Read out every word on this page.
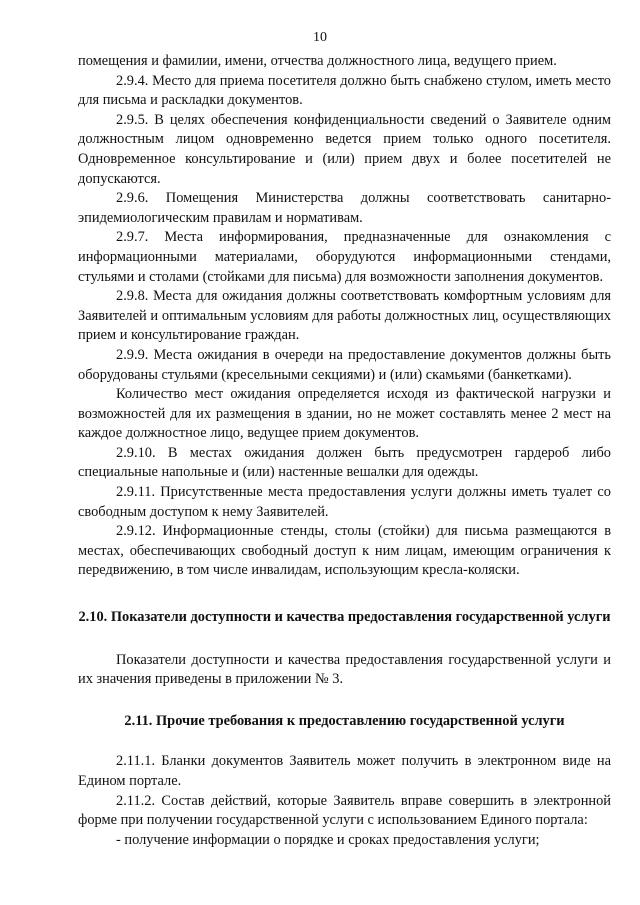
10

помещения и фамилии, имени, отчества должностного лица, ведущего прием.

2.9.4. Место для приема посетителя должно быть снабжено стулом, иметь место для письма и раскладки документов.

2.9.5. В целях обеспечения конфиденциальности сведений о Заявителе одним должностным лицом одновременно ведется прием только одного посетителя. Одновременное консультирование и (или) прием двух и более посетителей не допускаются.

2.9.6. Помещения Министерства должны соответствовать санитарно-эпидемиологическим правилам и нормативам.

2.9.7. Места информирования, предназначенные для ознакомления с информационными материалами, оборудуются информационными стендами, стульями и столами (стойками для письма) для возможности заполнения документов.

2.9.8. Места для ожидания должны соответствовать комфортным условиям для Заявителей и оптимальным условиям для работы должностных лиц, осуществляющих прием и консультирование граждан.

2.9.9. Места ожидания в очереди на предоставление документов должны быть оборудованы стульями (кресельными секциями) и (или) скамьями (банкетками).

Количество мест ожидания определяется исходя из фактической нагрузки и возможностей для их размещения в здании, но не может составлять менее 2 мест на каждое должностное лицо, ведущее прием документов.

2.9.10. В местах ожидания должен быть предусмотрен гардероб либо специальные напольные и (или) настенные вешалки для одежды.

2.9.11. Присутственные места предоставления услуги должны иметь туалет со свободным доступом к нему Заявителей.

2.9.12. Информационные стенды, столы (стойки) для письма размещаются в местах, обеспечивающих свободный доступ к ним лицам, имеющим ограничения к передвижению, в том числе инвалидам, использующим кресла-коляски.

2.10. Показатели доступности и качества предоставления государственной услуги

Показатели доступности и качества предоставления государственной услуги и их значения приведены в приложении № 3.

2.11. Прочие требования к предоставлению государственной услуги

2.11.1. Бланки документов Заявитель может получить в электронном виде на Едином портале.

2.11.2. Состав действий, которые Заявитель вправе совершить в электронной форме при получении государственной услуги с использованием Единого портала:

- получение информации о порядке и сроках предоставления услуги;
